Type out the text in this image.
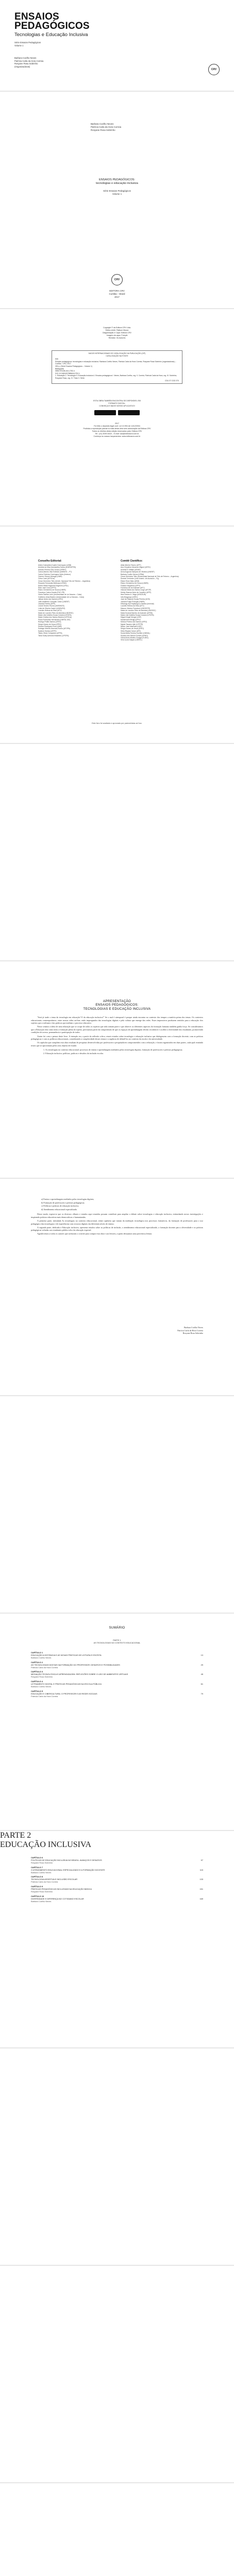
ENSAIOS
PEDAGÓGICOS
Tecnologias e Educação Inclusiva
Série Ensaios Pedagógicos
Volume 1
Barbara Coelho Neves
Patrícia Carla da Hora Correia
Rosyane Rosa Sobrinho
(Organizadoras)
CRV
Barbara Coelho Neves
Patrícia Carla da Hora Correia
Rosyane Rosa Sobrinho
ENSAIOS PEDAGÓGICOS:
tecnologias e educação inclusiva
Série Ensaios Pedagógicos
Volume 1
CRV
EDITORA CRV
Curitiba – Brasil
2017
Copyright © da Editora CRV Ltda.
Editor-chefe: Railson Moura
Diagramação e Capa: Editora CRV
Imagem da capa: Freepik
Revisão: Os Autores
DADOS INTERNACIONAIS DE CATALOGAÇÃO NA PUBLICAÇÃO (CIP)
CATALOGAÇÃO NA FONTE
E59
Ensaios pedagógicos: tecnologias e educação inclusiva / Barbara Coelho Neves, Patrícia Carla da Hora Correia, Rosyane Rosa Sobrinho (organizadoras) – Curitiba : CRV, 2017.
390 p. (Série Ensaios Pedagógicos – Volume 1)
Bibliografia
ISBN 978-85-444-1752-4
DOI 10.24824/978854441752.4
1. Educação 2. Tecnologia 3. Educação inclusiva 4. Ensaios pedagógicos I. Neves, Barbara Coelho, org. II. Correia, Patrícia Carla da Hora, org. III. Sobrinho, Rosyane Rosa, org. IV. Título V. Série.
CDU 37 CDD 370
ESTA OBRA TAMBÉM ENCONTRA-SE DISPONÍVEL EM
FORMATO DIGITAL.
CONHEÇA E BAIXE NOSSO APLICATIVO!
2017
Foi feito o depósito legal conf. Lei 10.994 de 14/12/2004
Proibida a reprodução parcial ou total desta obra sem autorização da Editora CRV
Todos os direitos desta edição reservados pela: Editora CRV
Tel.: (41) 3039-6418 – E-mail: sac@editoracrv.com.br
Conheça os nossos lançamentos: www.editoracrv.com.br
Conselho Editorial:
Aldira Guimarães Duarte Domínguez (UNB)
Andréia da Silva Quintanilha Sousa (UNIR/UFRN)
Antônio Pereira Gaio Júnior (UFRRJ)
Carlos Alberto Vilar Estêvão (UMINHO – PT)
Carlos Federico Dominguez Avila (Unieuro)
Carmen Tereza Velanga (UNIR)
Celso Conti (UFSCar)
Cesar Gerónimo Tello (Univer. Nacional Três de Febrero – Argentina)
Eduardo Fernandes Barbosa (UFMG)
Elione Maria Nogueira Diogenes (UFAL)
Élsio José Corá (UFFS)
Elizeu Clementino de Souza (UNEB)
Francisco Carlos Duarte (PUC-PR)
Gloria Fariñas León (Universidade de La Havana – Cuba)
Guillermo Arias Beatón (Universidade de La Havana – Cuba)
Jailson Alves dos Santos (UFRJ)
João Adalberto Campato Junior (UNESP)
Josania Portela (UFPI)
Leonel Severo Rocha (UNISINOS)
Lídia de Oliveira Xavier (UNIEURO)
Lourdes Helena da Silva (UFV)
Maria de Lourdes Pinto de Almeida (UNOESC)
Maria Lília Imbiriba Sousa Colares (UFOPA)
Maria Cristina dos Santos Bezerra (UFSCar)
Paulo Romualdo Hernandes (UNIFAL-MG)
Rodrigo Pratte-Santos (UFES)
Sérgio Nunes de Jesus (IFRO)
Simone Rodrigues Pinto (UNB)
Solange Helena Ximenes-Rocha (UFOPA)
Sydione Santos (UEPG)
Tadeu Oliver Gonçalves (UFPA)
Tania Suely Azevedo Brasileiro (UFOPA)
Comitê Científico:
Altair Alberto Fávero (UPF)
Ana Chrystina Venancio Mignot (UERJ)
Andréia N. Militão (UEMS)
Anna Augusta Sampaio de Oliveira (UNESP)
Barbara Coelho Neves (UFBA)
Cesar Gerónimo Tello (Universidad Nacional de Três de Febrero – Argentina)
Diosnel Centurion (Univ Americ. de Asunción – Py)
Eliane Rose Maio (UEM)
Elizeu Clementino de Souza (UNEB)
Fauston Negreiros (UFPI)
Francisco Ari de Andrade (UFC)
Gláucia Maria dos Santos Jorge (UFOP)
Helder Buenos Aires de Carvalho (UFPI)
Ilma Passos A. Veiga (UNICEUB)
Inês Bragança (UERJ)
José de Ribamar Sousa Pereira (UCB)
Jussara Fraga Portugal (UNEB)
Kilwangy Kya Kapitango-a-Samba (Unemat)
Lourdes Helena da Silva (UFV)
Marcos Vinicius Francisco (UNOESTE)
Maria de Lourdes Pinto de Almeida (UNOESC)
Maria Eurácia Barreto de Andrade (UFRB)
Maria Lília Imbiriba Sousa Colares (UFOPA)
Míguel Ángel Monge (USP)
Mohammed Elhajji (UFRJ)
Mônica Pereira dos Santos (UFRJ)
Najela Tavares Ujiie (UTFPR)
Nilson José Machado (USP)
Sérgio Nunes de Jesus (IFRO)
Silvia Regina Canan (URI)
Sonia Maria Ferreira Koehler (UNISAL)
Suzana dos Santos Gomes (UFMG)
Vânia Alves Martins Chaigar (FURG)
Vera Lucia Gaspar (UDESC)
Este livro foi avaliado e aprovado por pareceristas ad hoc.
APRESENTAÇÃO
ENSAIOS PEDAGÓGICOS:
TECNOLOGIAS E EDUCAÇÃO INCLUSIVA

"Será já tarde o tema da tecnologia em educação? E da educação inclusiva?" Se o mal é atemporal é porque ainda encontra no contexto dos tempos a matéria prima dos temas. Os contextos educacionais contemporâneos, entre nossas vidas on-line, estão impregnados das tecnologias digitais e pela cultura que emerge das redes. Esses imperativos produzem sentidos para a educação: dos sujeitos que a realizam e das práticas que mediam o processo educativo.

Nesse cenário a ideia de uma educação que se ocupe de todos os sujeitos que nela tomam parte e que observe os diferentes aspectos da formação humana também ganha força. Se considerarmos que a Educação tem como meta a formação plena do sujeito, precisamos partir da compreensão de que os espaços de aprendizagem devem reconhecer e acolher a diversidade dos estudantes, promovendo condições de acesso, permanência e participação de todos.

Assim foi com o pensar deste livro. A intenção era, a partir da reflexão crítica, reunir estudos sobre tecnologia e educação inclusiva que dialogassem com a formação docente, com as práticas pedagógicas e com as políticas educacionais, considerando a complexidade desses temas e a urgência de debatê-los no contexto da escola e da universidade.

Os capítulos que compõem esta obra resultam de pesquisas desenvolvidas por professores e pesquisadores comprometidos com a educação, e foram organizados em duas partes, cada qual reunindo textos que se aproximam pelos seus objetos de estudo:

1. As tecnologias no contexto educacional: processos de ensino e aprendizagem mediados pelas tecnologias digitais, formação de professores e práticas pedagógicas;
2. Educação inclusiva: políticas, práticas e desafios da inclusão escolar.
a) Ensino e aprendizagem mediados pelas tecnologias digitais;
b) Formação de professores e práticas pedagógicas;
c) Políticas e práticas de educação inclusiva;
d) Atendimento educacional especializado.

Desse modo, espera-se que os diversos olhares e estudos aqui reunidos possam contribuir para ampliar o debate sobre tecnologias e educação inclusiva, estimulando novas investigações e inspirando práticas educativas mais democráticas e humanizadas.

A primeira parte, intitulada As tecnologias no contexto educacional, reúne capítulos que tratam da mediação tecnológica nos processos formativos, da formação de professores para o uso pedagógico das tecnologias e de experiências com recursos digitais em diferentes níveis de ensino.

A segunda parte, dedicada à Educação inclusiva, apresenta estudos sobre as políticas de inclusão, o atendimento educacional especializado, a formação docente para a diversidade e as práticas pedagógicas voltadas aos estudantes público-alvo da educação especial.

Agradecemos a todos os autores que aceitaram o convite para compor esta obra e aos leitores, a quem desejamos uma proveitosa leitura.

Barbara Coelho Neves
Patrícia Carla da Hora Correia
Rosyane Rosa Sobrinho
SUMÁRIO
PARTE 1
AS TECNOLOGIAS NO CONTEXTO EDUCACIONAL
CAPÍTULO 1
EDUCAÇÃO A DISTÂNCIA E AS NOVAS PRÁTICAS DE LEITURA E ESCRITA	13
Barbara Coelho Neves
CAPÍTULO 2
AS TECNOLOGIAS DIGITAIS NA FORMAÇÃO DO PROFESSOR: DESAFIOS E POSSIBILIDADES	29
Patrícia Carla da Hora Correia
CAPÍTULO 3
MEDIAÇÃO TECNOLÓGICA E APRENDIZAGEM: REFLEXÕES SOBRE O USO DE AMBIENTES VIRTUAIS	45
Rosyane Rosa Sobrinho
CAPÍTULO 4
LETRAMENTO DIGITAL E PRÁTICAS PEDAGÓGICAS NA ESCOLA PÚBLICA	61
Barbara Coelho Neves
CAPÍTULO 5
EDUCAÇÃO E CIBERCULTURA: O PROFESSOR E AS REDES SOCIAIS	79
Patrícia Carla da Hora Correia
PARTE 2
EDUCAÇÃO INCLUSIVA
CAPÍTULO 6
POLÍTICAS DE EDUCAÇÃO INCLUSIVA NO BRASIL: AVANÇOS E DESAFIOS	97
Rosyane Rosa Sobrinho
CAPÍTULO 7
O ATENDIMENTO EDUCACIONAL ESPECIALIZADO E A FORMAÇÃO DOCENTE	115
Barbara Coelho Neves
CAPÍTULO 8
TECNOLOGIA ASSISTIVA E INCLUSÃO ESCOLAR	133
Patrícia Carla da Hora Correia
CAPÍTULO 9
PRÁTICAS PEDAGÓGICAS INCLUSIVAS NA EDUCAÇÃO BÁSICA	151
Rosyane Rosa Sobrinho
CAPÍTULO 10
DIVERSIDADE E DIFERENÇA NO COTIDIANO ESCOLAR	169
Barbara Coelho Neves
